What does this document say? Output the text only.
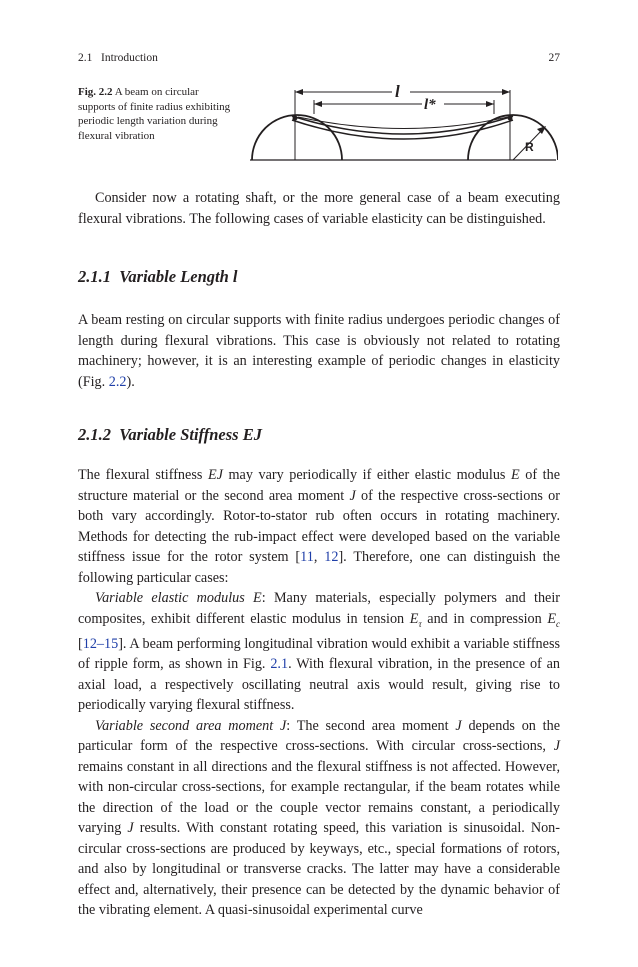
2.1   Introduction	27
Fig. 2.2 A beam on circular supports of finite radius exhibiting periodic length variation during flexural vibration
l
l*
R

Consider now a rotating shaft, or the more general case of a beam executing flexural vibrations. The following cases of variable elasticity can be distinguished.

2.1.1  Variable Length l

A beam resting on circular supports with finite radius undergoes periodic changes of length during flexural vibrations. This case is obviously not related to rotating machinery; however, it is an interesting example of periodic changes in elasticity (Fig. 2.2).

2.1.2  Variable Stiffness EJ

The flexural stiffness EJ may vary periodically if either elastic modulus E of the structure material or the second area moment J of the respective cross-sections or both vary accordingly. Rotor-to-stator rub often occurs in rotating machinery. Methods for detecting the rub-impact effect were developed based on the variable stiffness issue for the rotor system [11, 12]. Therefore, one can distinguish the following particular cases:

Variable elastic modulus E: Many materials, especially polymers and their composites, exhibit different elastic modulus in tension $E_\tau$ and in compression $E_c$ [12–15]. A beam performing longitudinal vibration would exhibit a variable stiffness of ripple form, as shown in Fig. 2.1. With flexural vibration, in the presence of an axial load, a respectively oscillating neutral axis would result, giving rise to periodically varying flexural stiffness.

Variable second area moment J: The second area moment J depends on the particular form of the respective cross-sections. With circular cross-sections, J remains constant in all directions and the flexural stiffness is not affected. However, with non-circular cross-sections, for example rectangular, if the beam rotates while the direction of the load or the couple vector remains constant, a periodically varying J results. With constant rotating speed, this variation is sinusoidal. Non-circular cross-sections are produced by keyways, etc., special formations of rotors, and also by longitudinal or transverse cracks. The latter may have a considerable effect and, alternatively, their presence can be detected by the dynamic behavior of the vibrating element. A quasi-sinusoidal experimental curve
